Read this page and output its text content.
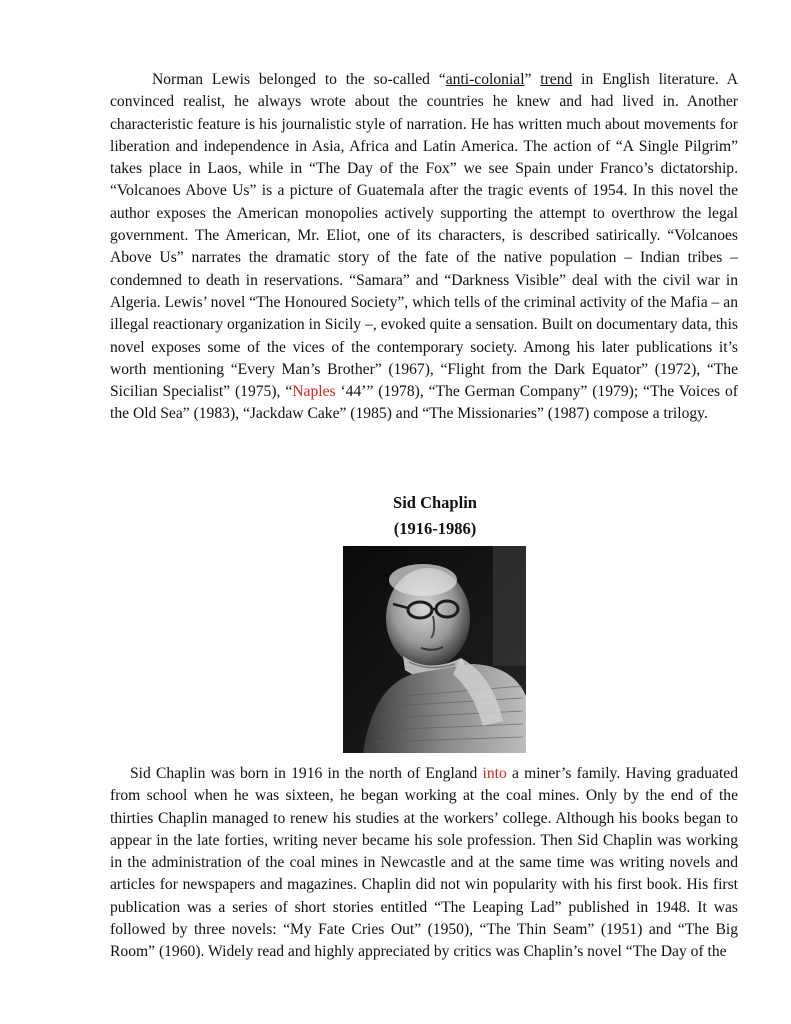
Norman Lewis belonged to the so-called “anti-colonial” trend in English literature. A convinced realist, he always wrote about the countries he knew and had lived in. Another characteristic feature is his journalistic style of narration. He has written much about movements for liberation and independence in Asia, Africa and Latin America. The action of “A Single Pilgrim” takes place in Laos, while in “The Day of the Fox” we see Spain under Franco’s dictatorship. “Volcanoes Above Us” is a picture of Guatemala after the tragic events of 1954. In this novel the author exposes the American monopolies actively supporting the attempt to overthrow the legal government. The American, Mr. Eliot, one of its characters, is described satirically. “Volcanoes Above Us” narrates the dramatic story of the fate of the native population – Indian tribes – condemned to death in reservations. “Samara” and “Darkness Visible” deal with the civil war in Algeria. Lewis’ novel “The Honoured Society”, which tells of the criminal activity of the Mafia – an illegal reactionary organization in Sicily –, evoked quite a sensation. Built on documentary data, this novel exposes some of the vices of the contemporary society. Among his later publications it’s worth mentioning “Every Man’s Brother” (1967), “Flight from the Dark Equator” (1972), “The Sicilian Specialist” (1975), “Naples ‘44’” (1978), “The German Company” (1979); “The Voices of the Old Sea” (1983), “Jackdaw Cake” (1985) and “The Missionaries” (1987) compose a trilogy.

Sid Chaplin
(1916-1986)

Sid Chaplin was born in 1916 in the north of England into a miner’s family. Having graduated from school when he was sixteen, he began working at the coal mines. Only by the end of the thirties Chaplin managed to renew his studies at the workers’ college. Although his books began to appear in the late forties, writing never became his sole profession. Then Sid Chaplin was working in the administration of the coal mines in Newcastle and at the same time was writing novels and articles for newspapers and magazines. Chaplin did not win popularity with his first book. His first publication was a series of short stories entitled “The Leaping Lad” published in 1948. It was followed by three novels: “My Fate Cries Out” (1950), “The Thin Seam” (1951) and “The Big Room” (1960). Widely read and highly appreciated by critics was Chaplin’s novel “The Day of the
